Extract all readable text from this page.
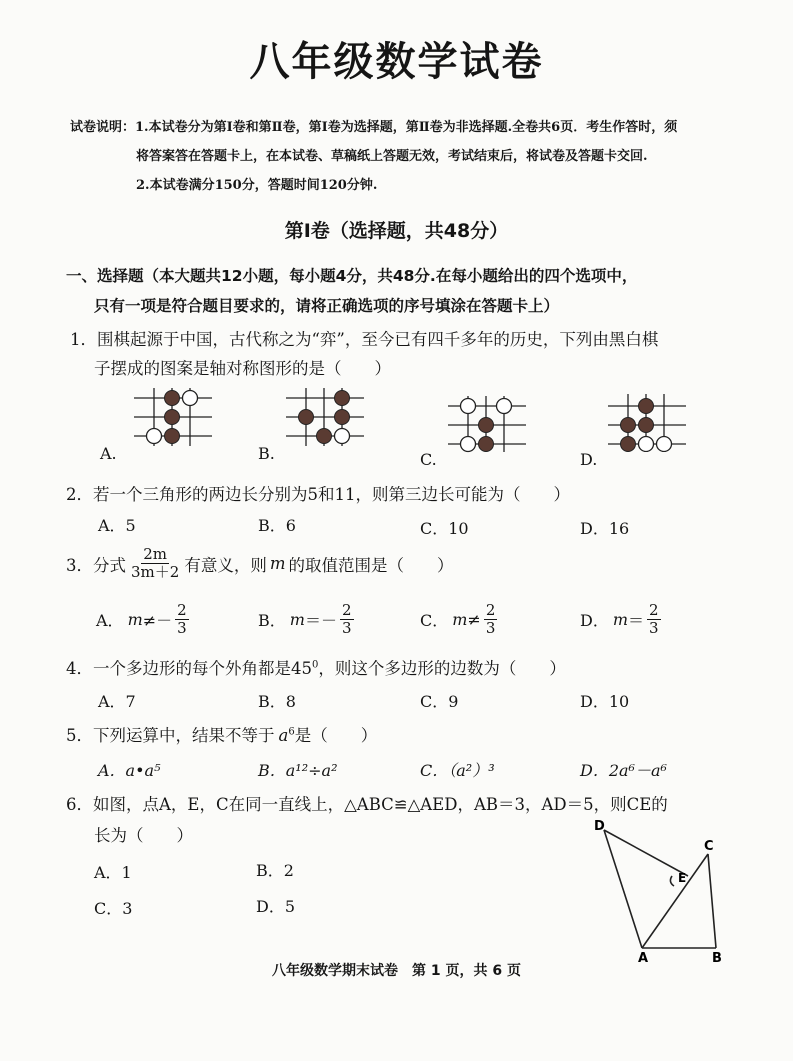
八年级数学试卷
试卷说明：1.本试卷分为第Ⅰ卷和第Ⅱ卷，第Ⅰ卷为选择题，第Ⅱ卷为非选择题.全卷共6页．考生作答时，须
将答案答在答题卡上，在本试卷、草稿纸上答题无效，考试结束后，将试卷及答题卡交回.
2.本试卷满分150分，答题时间120分钟.
第Ⅰ卷（选择题，共48分）
一、选择题（本大题共12小题，每小题4分，共48分.在每小题给出的四个选项中，
只有一项是符合题目要求的，请将正确选项的序号填涂在答题卡上）
1．围棋起源于中国，古代称之为“弈”，至今已有四千多年的历史，下列由黑白棋
子摆成的图案是轴对称图形的是（　　）
A.	B.	C.	D.
2．若一个三角形的两边长分别为5和11，则第三边长可能为（　　）
A．5	B．6	C．10	D．16
3．分式 $\frac{2m}{3m+2}$ 有意义，则 m 的取值范围是（　　）
A． $m \ne- \frac{2}{3}$	B． $m =- \frac{2}{3}$	C． $m \ne \frac{2}{3}$	D． $m = \frac{2}{3}$
4．一个多边形的每个外角都是$45^0$，则这个多边形的边数为（　　）
A．7	B．8	C．9	D．10
5．下列运算中，结果不等于 $a^6$是（　　）
A．a•a⁵	B．a¹²÷a²	C．（a²）³	D．2a⁶－a⁶
6．如图，点A，E，C在同一直线上，△ABC≌△AED，AB＝3，AD＝5，则CE的
长为（　　）
A．1	B．2
C．3	D．5
D
C
E
A	B
八年级数学期末试卷　第 1 页，共 6 页
